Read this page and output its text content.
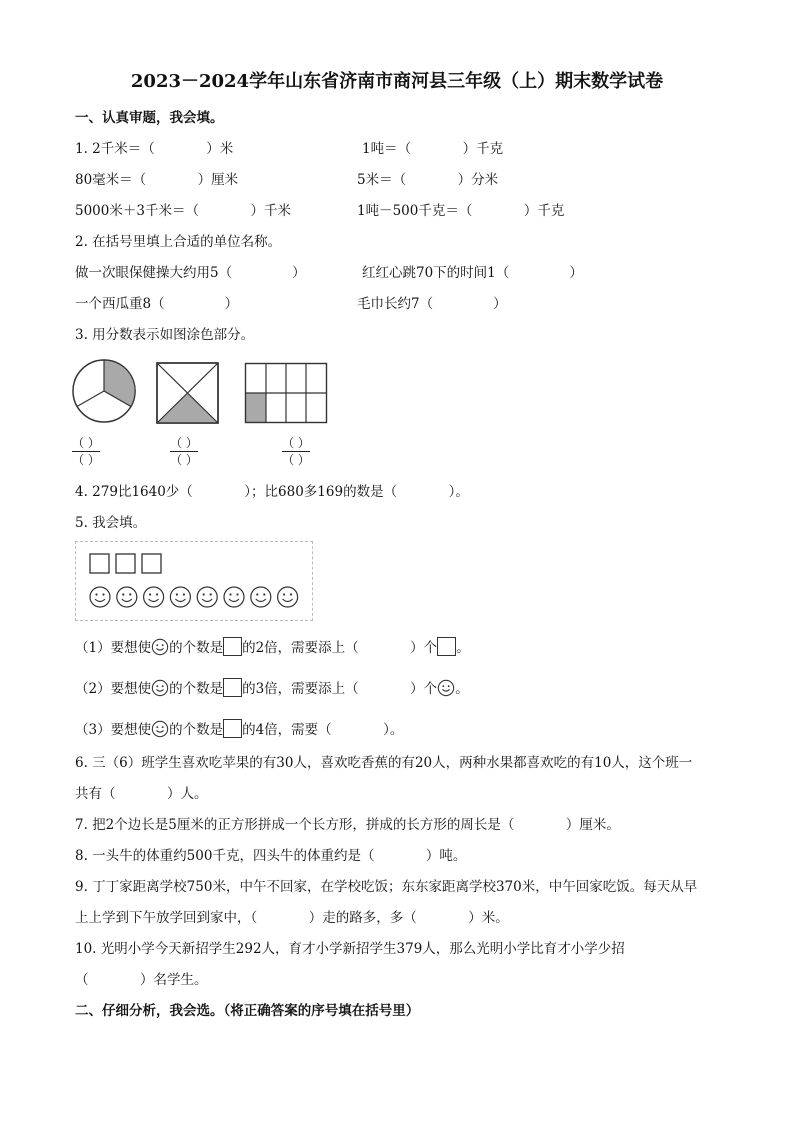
2023－2024学年山东省济南市商河县三年级（上）期末数学试卷
一、认真审题，我会填。
1. 2千米＝（            ）米	1吨＝（            ）千克
80毫米＝（            ）厘米	5米＝（            ）分米
5000米＋3千米＝（            ）千米	1吨－500千克＝（            ）千克
2. 在括号里填上合适的单位名称。
做一次眼保健操大约用5（              ）	红红心跳70下的时间1（              ）
一个西瓜重8（              ）	毛巾长约7（              ）
3. 用分数表示如图涂色部分。
（ ）
（ ）
（ ）
（ ）
（ ）
（ ）
4. 279比1640少（            ）；比680多169的数是（            ）。
5. 我会填。
（1）要想使 的个数是 的2倍，需要添上（            ）个 。
（2）要想使 的个数是 的3倍，需要添上（            ）个 。
（3）要想使 的个数是 的4倍，需要（            ）。
6. 三（6）班学生喜欢吃苹果的有30人，喜欢吃香蕉的有20人，两种水果都喜欢吃的有10人，这个班一
共有（            ）人。
7. 把2个边长是5厘米的正方形拼成一个长方形，拼成的长方形的周长是（            ）厘米。
8. 一头牛的体重约500千克，四头牛的体重约是（            ）吨。
9. 丁丁家距离学校750米，中午不回家，在学校吃饭；东东家距离学校370米，中午回家吃饭。每天从早
上上学到下午放学回到家中，（            ）走的路多，多（            ）米。
10. 光明小学今天新招学生292人，育才小学新招学生379人，那么光明小学比育才小学少招
（            ）名学生。
二、仔细分析，我会选。（将正确答案的序号填在括号里）
